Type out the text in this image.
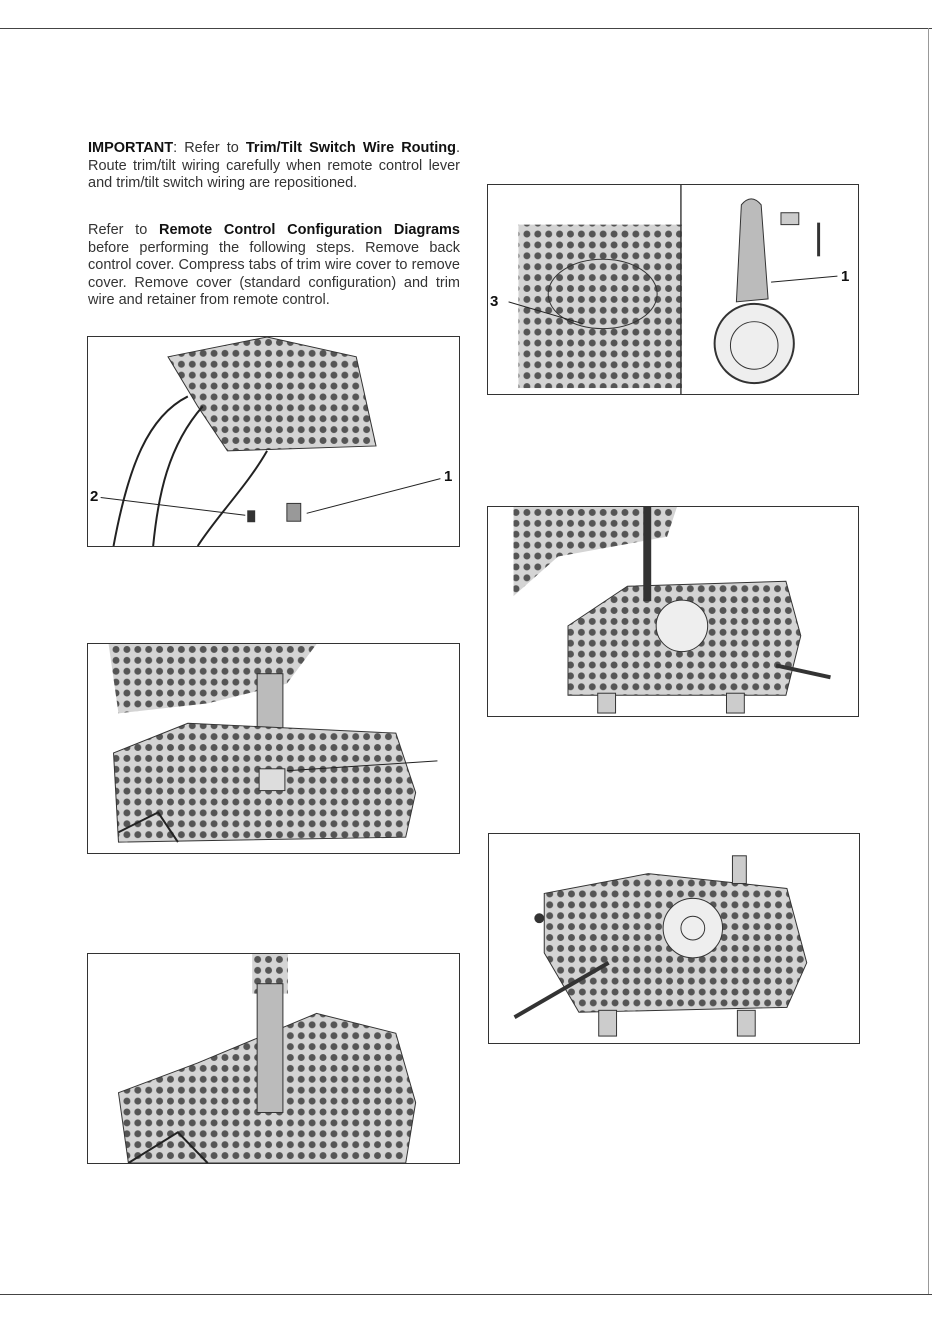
IMPORTANT: Refer to Trim/Tilt Switch Wire Routing. Route trim/tilt wiring carefully when remote control lever and trim/tilt switch wiring are repositioned.

Refer to Remote Control Configuration Diagrams before performing the following steps. Remove back control cover. Compress tabs of trim wire cover to remove cover. Remove cover (standard configuration) and trim wire and retainer from remote control.

2
1
3
1
